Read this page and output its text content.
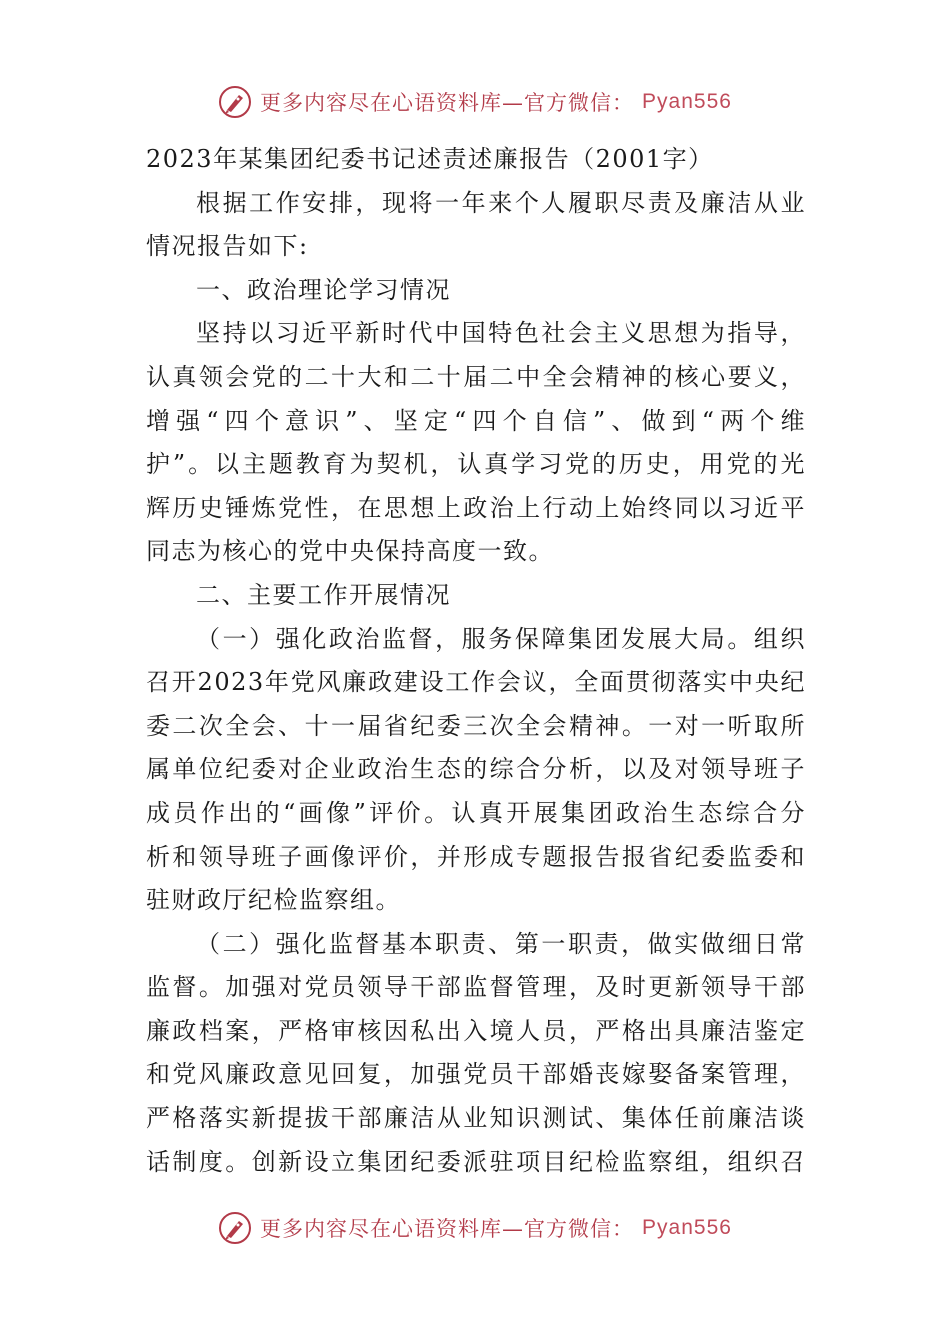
更多内容尽在心语资料库—官方微信： Pyan556
2023年某集团纪委书记述责述廉报告（2001字）
根据工作安排，现将一年来个人履职尽责及廉洁从业
情况报告如下:
一、政治理论学习情况
坚持以习近平新时代中国特色社会主义思想为指导，
认真领会党的二十大和二十届二中全会精神的核心要义，
增强“四个意识”、坚定“四个自信”、做到“两个维
护”。以主题教育为契机，认真学习党的历史，用党的光
辉历史锤炼党性，在思想上政治上行动上始终同以习近平
同志为核心的党中央保持高度一致。
二、主要工作开展情况
（一）强化政治监督，服务保障集团发展大局。组织
召开2023年党风廉政建设工作会议，全面贯彻落实中央纪
委二次全会、十一届省纪委三次全会精神。一对一听取所
属单位纪委对企业政治生态的综合分析，以及对领导班子
成员作出的“画像”评价。认真开展集团政治生态综合分
析和领导班子画像评价，并形成专题报告报省纪委监委和
驻财政厅纪检监察组。
（二）强化监督基本职责、第一职责，做实做细日常
监督。加强对党员领导干部监督管理，及时更新领导干部
廉政档案，严格审核因私出入境人员，严格出具廉洁鉴定
和党风廉政意见回复，加强党员干部婚丧嫁娶备案管理，
严格落实新提拔干部廉洁从业知识测试、集体任前廉洁谈
话制度。创新设立集团纪委派驻项目纪检监察组，组织召
更多内容尽在心语资料库—官方微信： Pyan556
